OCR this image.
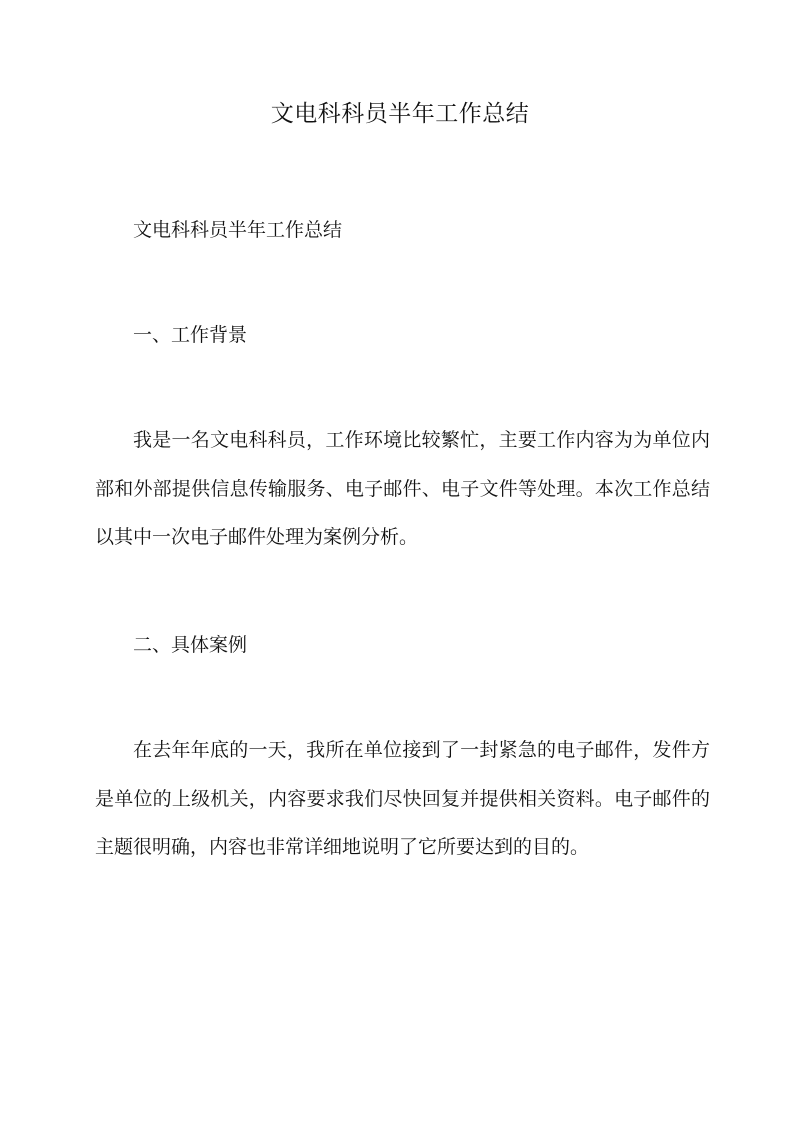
文电科科员半年工作总结

文电科科员半年工作总结

一、工作背景

我是一名文电科科员，工作环境比较繁忙，主要工作内容为为单位内部和外部提供信息传输服务、电子邮件、电子文件等处理。本次工作总结以其中一次电子邮件处理为案例分析。

二、具体案例

在去年年底的一天，我所在单位接到了一封紧急的电子邮件，发件方是单位的上级机关，内容要求我们尽快回复并提供相关资料。电子邮件的主题很明确，内容也非常详细地说明了它所要达到的目的。
